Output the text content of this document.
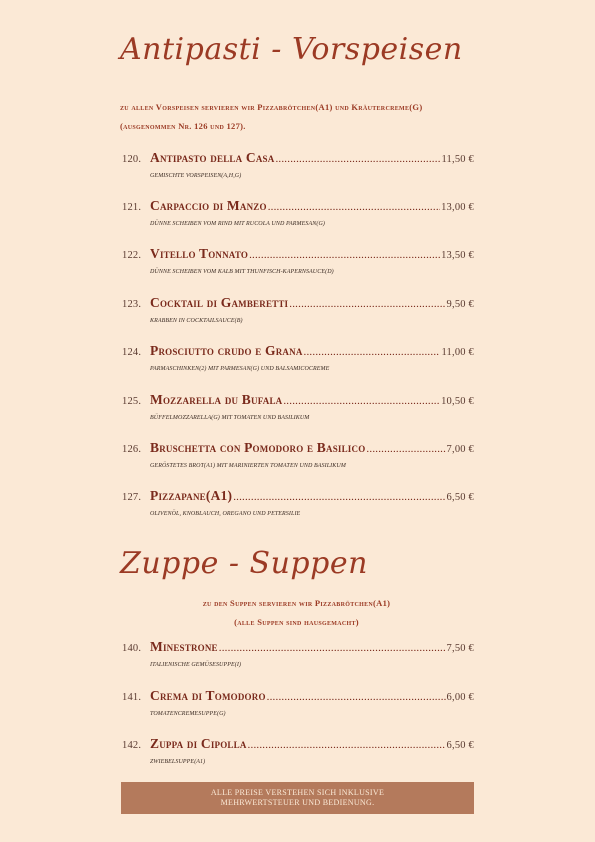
Antipasti - Vorspeisen
zu allen Vorspeisen servieren wir Pizzabrötchen(A1) und Kräutercreme(G)
(ausgenommen Nr. 126 und 127).
120. Antipasto della Casa .....	11,50 €
GEMISCHTE VORSPEISEN(A,H,G)
121. Carpaccio di Manzo .....	13,00 €
DÜNNE SCHEIBEN VOM RIND MIT RUCOLA UND PARMESAN(G)
122. Vitello Tonnato .....	13,50 €
DÜNNE SCHEIBEN VOM KALB MIT THUNFISCH-KAPERNSAUCE(D)
123. Cocktail di Gamberetti .....	9,50 €
KRABBEN IN COCKTAILSAUCE(B)
124. Prosciutto crudo e Grana .....	11,00 €
PARMASCHINKEN(2) MIT PARMESAN(G) UND BALSAMICOCREME
125. Mozzarella du Bufala .....	10,50 €
BÜFFELMOZZARELLA(G) MIT TOMATEN UND BASILIKUM
126. Bruschetta con Pomodoro e Basilico .....	7,00 €
GERÖSTETES BROT(A1) MIT MARINIERTEN TOMATEN UND BASILIKUM
127. Pizzapane(A1) .....	6,50 €
OLIVENÖL, KNOBLAUCH, OREGANO UND PETERSILIE
Zuppe - Suppen
zu den Suppen servieren wir Pizzabrötchen(A1)
(alle Suppen sind hausgemacht)
140. Minestrone .....	7,50 €
ITALIENISCHE GEMÜSESUPPE(I)
141. Crema di Tomodoro .....	6,00 €
TOMATENCREMESUPPE(G)
142. Zuppa di Cipolla .....	6,50 €
ZWIEBELSUPPE(A1)
ALLE PREISE VERSTEHEN SICH INKLUSIVE
MEHRWERTSTEUER UND BEDIENUNG.
